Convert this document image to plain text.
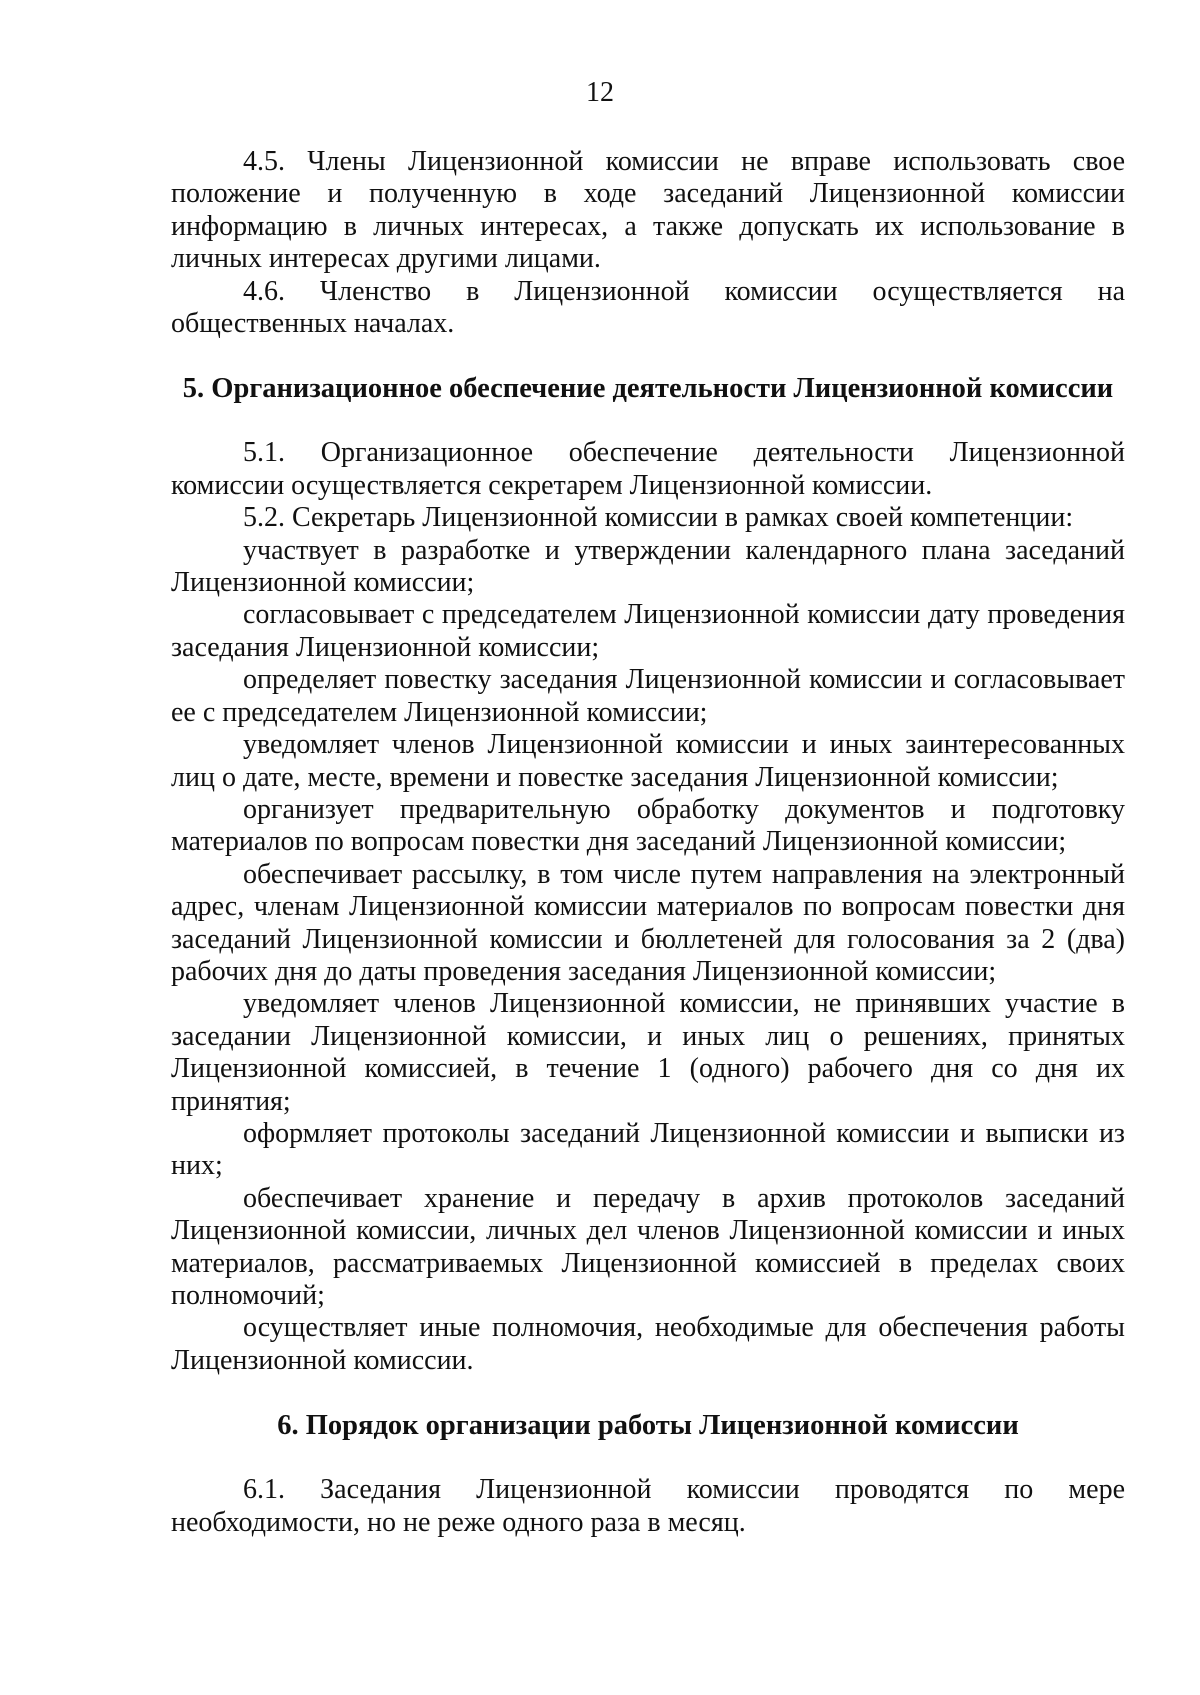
12

4.5. Члены Лицензионной комиссии не вправе использовать свое положение и полученную в ходе заседаний Лицензионной комиссии информацию в личных интересах, а также допускать их использование в личных интересах другими лицами.

4.6. Членство в Лицензионной комиссии осуществляется на общественных началах.

5. Организационное обеспечение деятельности Лицензионной комиссии

5.1. Организационное обеспечение деятельности Лицензионной комиссии осуществляется секретарем Лицензионной комиссии.

5.2. Секретарь Лицензионной комиссии в рамках своей компетенции:

участвует в разработке и утверждении календарного плана заседаний Лицензионной комиссии;

согласовывает с председателем Лицензионной комиссии дату проведения заседания Лицензионной комиссии;

определяет повестку заседания Лицензионной комиссии и согласовывает ее с председателем Лицензионной комиссии;

уведомляет членов Лицензионной комиссии и иных заинтересованных лиц о дате, месте, времени и повестке заседания Лицензионной комиссии;

организует предварительную обработку документов и подготовку материалов по вопросам повестки дня заседаний Лицензионной комиссии;

обеспечивает рассылку, в том числе путем направления на электронный адрес, членам Лицензионной комиссии материалов по вопросам повестки дня заседаний Лицензионной комиссии и бюллетеней для голосования за 2 (два) рабочих дня до даты проведения заседания Лицензионной комиссии;

уведомляет членов Лицензионной комиссии, не принявших участие в заседании Лицензионной комиссии, и иных лиц о решениях, принятых Лицензионной комиссией, в течение 1 (одного) рабочего дня со дня их принятия;

оформляет протоколы заседаний Лицензионной комиссии и выписки из них;

обеспечивает хранение и передачу в архив протоколов заседаний Лицензионной комиссии, личных дел членов Лицензионной комиссии и иных материалов, рассматриваемых Лицензионной комиссией в пределах своих полномочий;

осуществляет иные полномочия, необходимые для обеспечения работы Лицензионной комиссии.

6. Порядок организации работы Лицензионной комиссии

6.1. Заседания Лицензионной комиссии проводятся по мере необходимости, но не реже одного раза в месяц.
